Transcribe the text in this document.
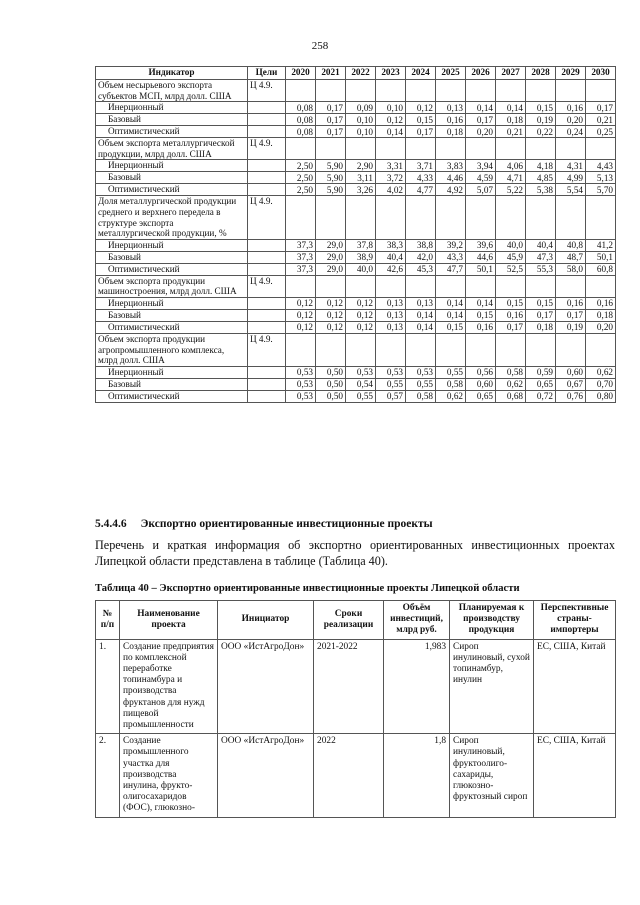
258
Индикатор	Цели	2020	2021	2022	2023	2024	2025	2026	2027	2028	2029	2030
Объем несырьевого экспорта субъектов МСП, млрд долл. США	Ц 4.9.											
Инерционный		0,08	0,17	0,09	0,10	0,12	0,13	0,14	0,14	0,15	0,16	0,17
Базовый		0,08	0,17	0,10	0,12	0,15	0,16	0,17	0,18	0,19	0,20	0,21
Оптимистический		0,08	0,17	0,10	0,14	0,17	0,18	0,20	0,21	0,22	0,24	0,25
Объем экспорта металлургической продукции, млрд долл. США	Ц 4.9.											
Инерционный		2,50	5,90	2,90	3,31	3,71	3,83	3,94	4,06	4,18	4,31	4,43
Базовый		2,50	5,90	3,11	3,72	4,33	4,46	4,59	4,71	4,85	4,99	5,13
Оптимистический		2,50	5,90	3,26	4,02	4,77	4,92	5,07	5,22	5,38	5,54	5,70
Доля металлургической продукции среднего и верхнего передела в структуре экспорта металлургической продукции, %	Ц 4.9.											
Инерционный		37,3	29,0	37,8	38,3	38,8	39,2	39,6	40,0	40,4	40,8	41,2
Базовый		37,3	29,0	38,9	40,4	42,0	43,3	44,6	45,9	47,3	48,7	50,1
Оптимистический		37,3	29,0	40,0	42,6	45,3	47,7	50,1	52,5	55,3	58,0	60,8
Объем экспорта продукции машиностроения, млрд долл. США	Ц 4.9.											
Инерционный		0,12	0,12	0,12	0,13	0,13	0,14	0,14	0,15	0,15	0,16	0,16
Базовый		0,12	0,12	0,12	0,13	0,14	0,14	0,15	0,16	0,17	0,17	0,18
Оптимистический		0,12	0,12	0,12	0,13	0,14	0,15	0,16	0,17	0,18	0,19	0,20
Объем экспорта продукции агропромышленного комплекса, млрд долл. США	Ц 4.9.											
Инерционный		0,53	0,50	0,53	0,53	0,53	0,55	0,56	0,58	0,59	0,60	0,62
Базовый		0,53	0,50	0,54	0,55	0,55	0,58	0,60	0,62	0,65	0,67	0,70
Оптимистический		0,53	0,50	0,55	0,57	0,58	0,62	0,65	0,68	0,72	0,76	0,80
5.4.4.6 Экспортно ориентированные инвестиционные проекты
Перечень и краткая информация об экспортно ориентированных инвестиционных проектах Липецкой области представлена в таблице (Таблица 40).
Таблица 40 – Экспортно ориентированные инвестиционные проекты Липецкой области
№ п/п	Наименование проекта	Инициатор	Сроки реализации	Объём инвестиций, млрд руб.	Планируемая к производству продукция	Перспективные страны-импортеры
1.	Создание предприятия по комплексной переработке топинамбура и производства фруктанов для нужд пищевой промышленности	ООО «ИстАгроДон»	2021-2022	1,983	Сироп инулиновый, сухой топинамбур, инулин	ЕС, США, Китай
2.	Создание промышленного участка для производства инулина, фрукто-олигосахаридов (ФОС), глюкозно-	ООО «ИстАгроДон»	2022	1,8	Сироп инулиновый, фруктоолиго-сахариды, глюкозно-фруктозный сироп	ЕС, США, Китай
